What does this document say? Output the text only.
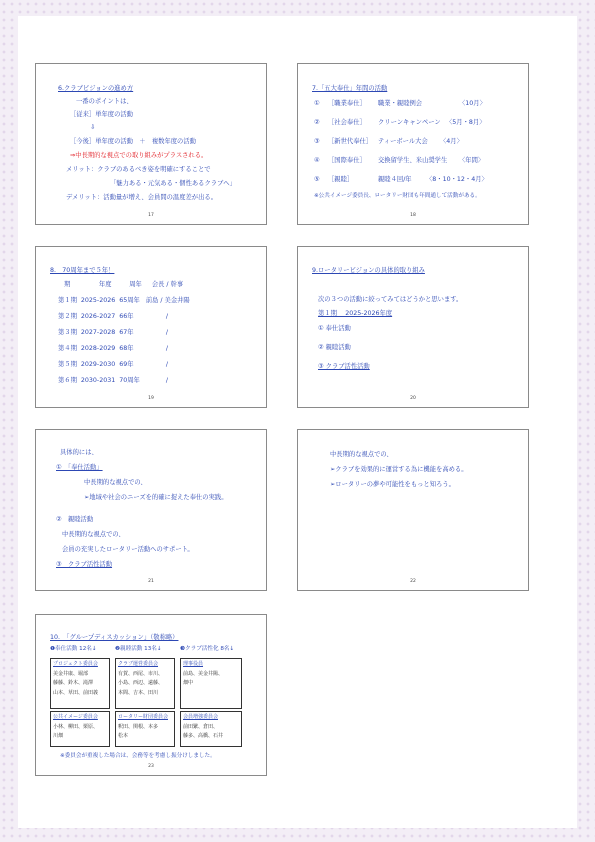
6.クラブビジョンの進め方
一番のポイントは、
［従来］単年度の活動
⇩
［今後］単年度の活動　＋　複数年度の活動
⇒中長期的な視点での取り組みがプラスされる。
メリット：クラブのあるべき姿を明確にすることで
「魅力ある・元気ある・個性あるクラブへ」
デメリット：活動量が増え、会員間の温度差が出る。
17
7.「五大奉仕」年間の活動
① ［職業奉仕］ 職業・親睦例会	〈10月〉
② ［社会奉仕］ クリーンキャンペーン 〈5月・8月〉
③ ［新世代奉仕］ ティーボール大会 〈4月〉
④ ［国際奉仕］ 交換留学生、米山奨学生 〈年間〉
⑤ ［親睦］	親睦４回/年 〈8・10・12・4月〉
※公共イメージ委員長、ロータリー財団も年間通して活動がある。
18
8.　70周年まで５年！
期	年度	周年	会長 / 幹事
第１期	2025-2026	65周年	前島 / 美金井陽
第２期	2026-2027	66年	/
第３期	2027-2028	67年	/
第４期	2028-2029	68年	/
第５期	2029-2030	69年	/
第６期	2030-2031	70周年	/
19
9.ロータリービジョンの具体的取り組み
次の３つの活動に絞ってみてはどうかと思います。
第１期　 2025-2026年度
① 奉仕活動
② 親睦活動
③ クラブ活性活動
20
具体的には、
①　「奉仕活動」
中長期的な視点での、
➢地域や社会のニーズを的確に捉えた奉仕の実践。
②　親睦活動
中長期的な視点での、
会員の充実したロータリー活動へのサポート。
③　クラブ活性活動
21
中長期的な視点での、
➢クラブを効果的に運営する為に機能を高める。
➢ロータリーの夢や可能性をもっと知ろう。
22
10.　「グループディスカッション」（敬称略）
❶奉仕活動 12名↓	❷親睦活動 13名↓	❸クラブ活性化 8名↓
プロジェクト委員会
美金井康、堀部
藤藤、鈴木、滝澤
山本、草田、前田義
クラブ運営委員会
有賀、西尾、市川、
小島、西辺、遠藤、
本間、吉本、田川
理事役員
前島、美金井陽、
畑中
公共イメージ委員会
小林、柳田、栗原、
川畑
ロータリー財団委員会
釈田、関根、本多
松本
会員増強委員会
前田繁、倉田、
藤多、高橋、石井
※委員会が重複した場合は、会務等を考慮し振分けしました。
23
